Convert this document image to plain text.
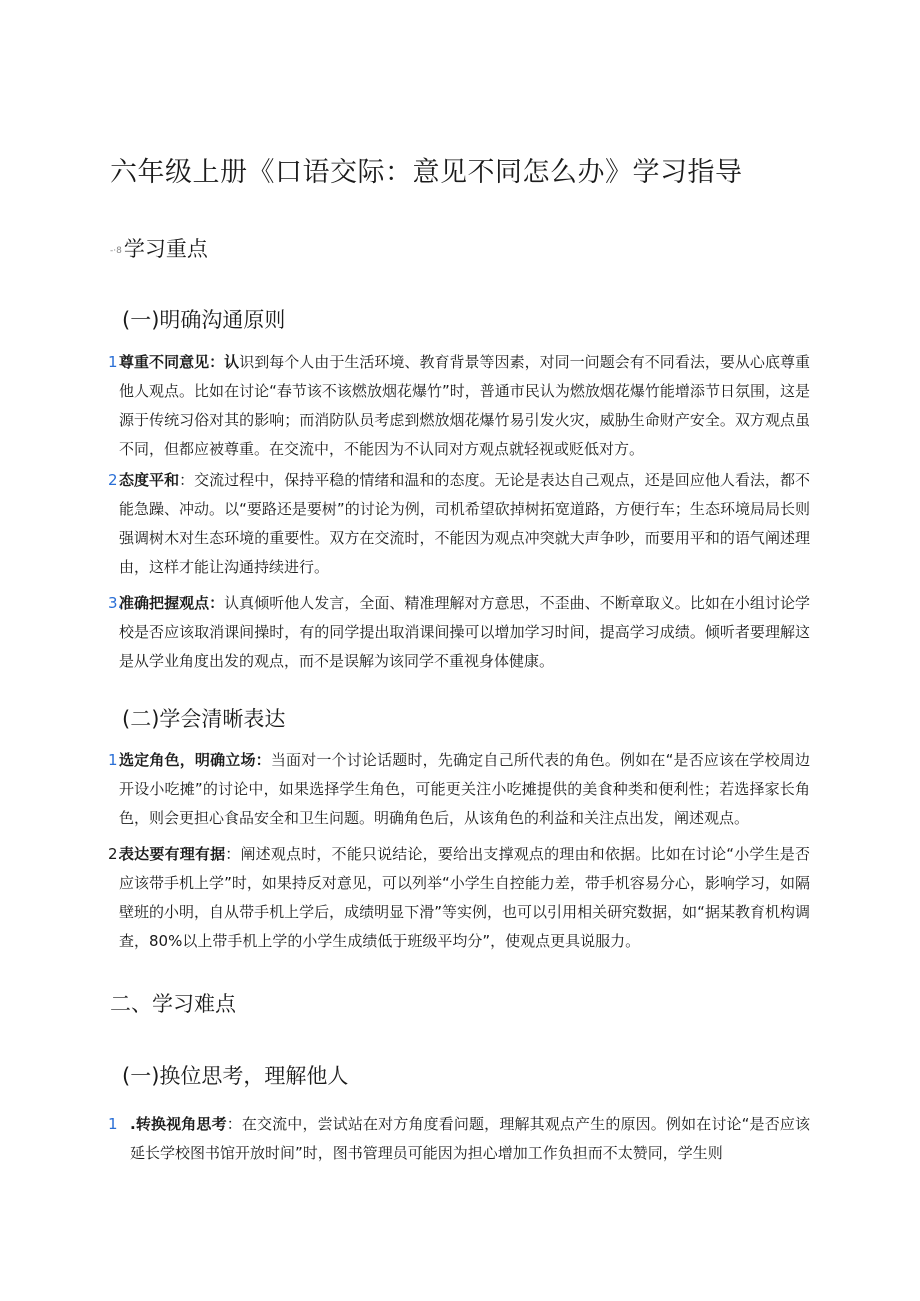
六年级上册《口语交际：意见不同怎么办》学习指导
-·8学习重点
(一)明确沟通原则
1 尊重不同意见：认识到每个人由于生活环境、教育背景等因素，对同一问题会有不同看法，要从心底尊重他人观点。比如在讨论“春节该不该燃放烟花爆竹”时，普通市民认为燃放烟花爆竹能增添节日氛围，这是源于传统习俗对其的影响；而消防队员考虑到燃放烟花爆竹易引发火灾，威胁生命财产安全。双方观点虽不同，但都应被尊重。在交流中，不能因为不认同对方观点就轻视或贬低对方。
2 态度平和：交流过程中，保持平稳的情绪和温和的态度。无论是表达自己观点，还是回应他人看法，都不能急躁、冲动。以“要路还是要树”的讨论为例，司机希望砍掉树拓宽道路，方便行车；生态环境局局长则强调树木对生态环境的重要性。双方在交流时，不能因为观点冲突就大声争吵，而要用平和的语气阐述理由，这样才能让沟通持续进行。
3.
准确把握观点：认真倾听他人发言，全面、精准理解对方意思，不歪曲、不断章取义。比如在小组讨论学校是否应该取消课间操时，有的同学提出取消课间操可以增加学习时间，提高学习成绩。倾听者要理解这是从学业角度出发的观点，而不是误解为该同学不重视身体健康。
(二)学会清晰表达
1 选定角色，明确立场：当面对一个讨论话题时，先确定自己所代表的角色。例如在“是否应该在学校周边开设小吃摊”的讨论中，如果选择学生角色，可能更关注小吃摊提供的美食种类和便利性；若选择家长角色，则会更担心食品安全和卫生问题。明确角色后，从该角色的利益和关注点出发，阐述观点。
2.
表达要有理有据：阐述观点时，不能只说结论，要给出支撑观点的理由和依据。比如在讨论“小学生是否应该带手机上学”时，如果持反对意见，可以列举“小学生自控能力差，带手机容易分心，影响学习，如隔壁班的小明，自从带手机上学后，成绩明显下滑”等实例，也可以引用相关研究数据，如“据某教育机构调查，80%以上带手机上学的小学生成绩低于班级平均分”，使观点更具说服力。
二、学习难点
(一)换位思考，理解他人
1 .转换视角思考：在交流中，尝试站在对方角度看问题，理解其观点产生的原因。例如在讨论“是否应该延长学校图书馆开放时间”时，图书管理员可能因为担心增加工作负担而不太赞同，学生则
